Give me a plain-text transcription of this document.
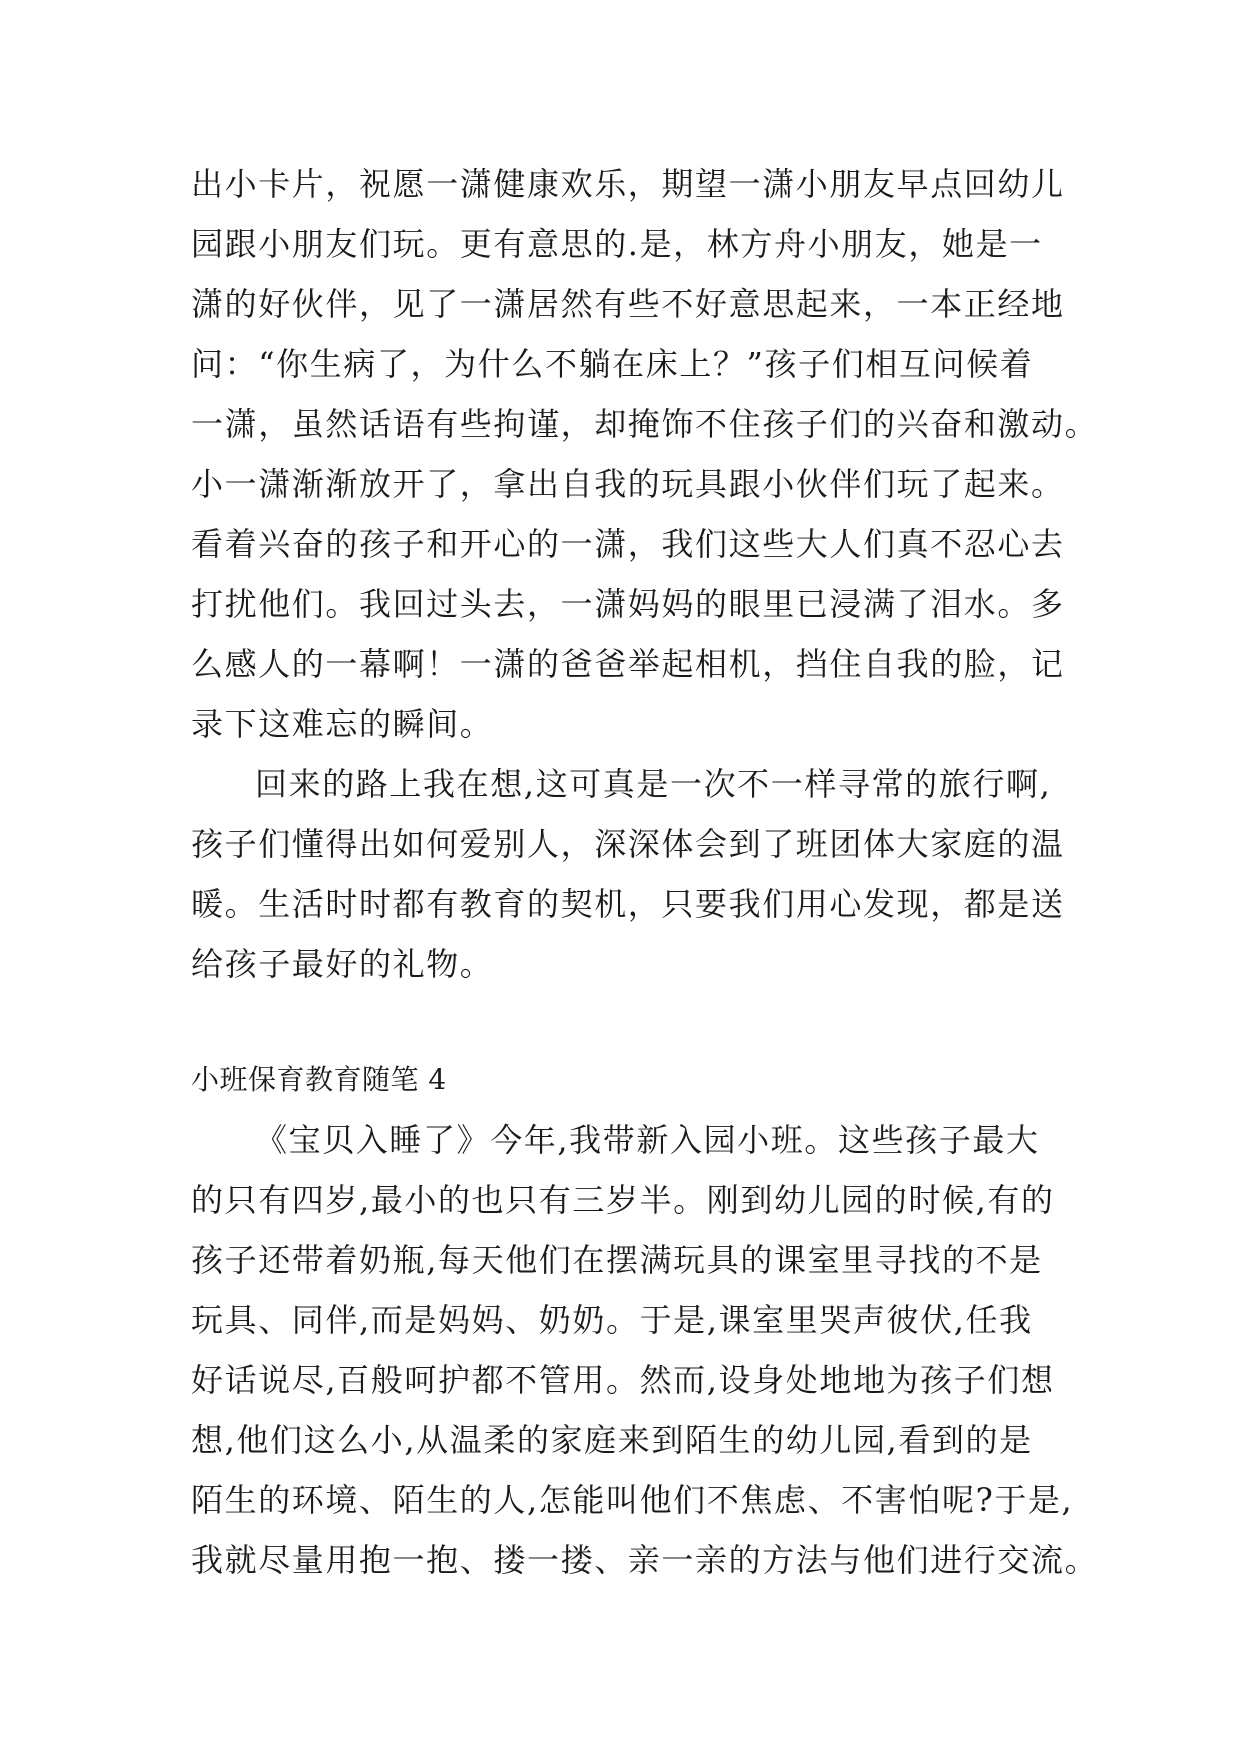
出小卡片，祝愿一潇健康欢乐，期望一潇小朋友早点回幼儿
园跟小朋友们玩。更有意思的.是，林方舟小朋友，她是一
潇的好伙伴，见了一潇居然有些不好意思起来，一本正经地
问：“你生病了，为什么不躺在床上？”孩子们相互问候着
一潇，虽然话语有些拘谨，却掩饰不住孩子们的兴奋和激动。
小一潇渐渐放开了，拿出自我的玩具跟小伙伴们玩了起来。
看着兴奋的孩子和开心的一潇，我们这些大人们真不忍心去
打扰他们。我回过头去，一潇妈妈的眼里已浸满了泪水。多
么感人的一幕啊！一潇的爸爸举起相机，挡住自我的脸，记
录下这难忘的瞬间。
回来的路上我在想,这可真是一次不一样寻常的旅行啊,
孩子们懂得出如何爱别人，深深体会到了班团体大家庭的温
暖。生活时时都有教育的契机，只要我们用心发现，都是送
给孩子最好的礼物。
小班保育教育随笔 4
《宝贝入睡了》今年,我带新入园小班。这些孩子最大
的只有四岁,最小的也只有三岁半。刚到幼儿园的时候,有的
孩子还带着奶瓶,每天他们在摆满玩具的课室里寻找的不是
玩具、同伴,而是妈妈、奶奶。于是,课室里哭声彼伏,任我
好话说尽,百般呵护都不管用。然而,设身处地地为孩子们想
想,他们这么小,从温柔的家庭来到陌生的幼儿园,看到的是
陌生的环境、陌生的人,怎能叫他们不焦虑、不害怕呢?于是,
我就尽量用抱一抱、搂一搂、亲一亲的方法与他们进行交流。
